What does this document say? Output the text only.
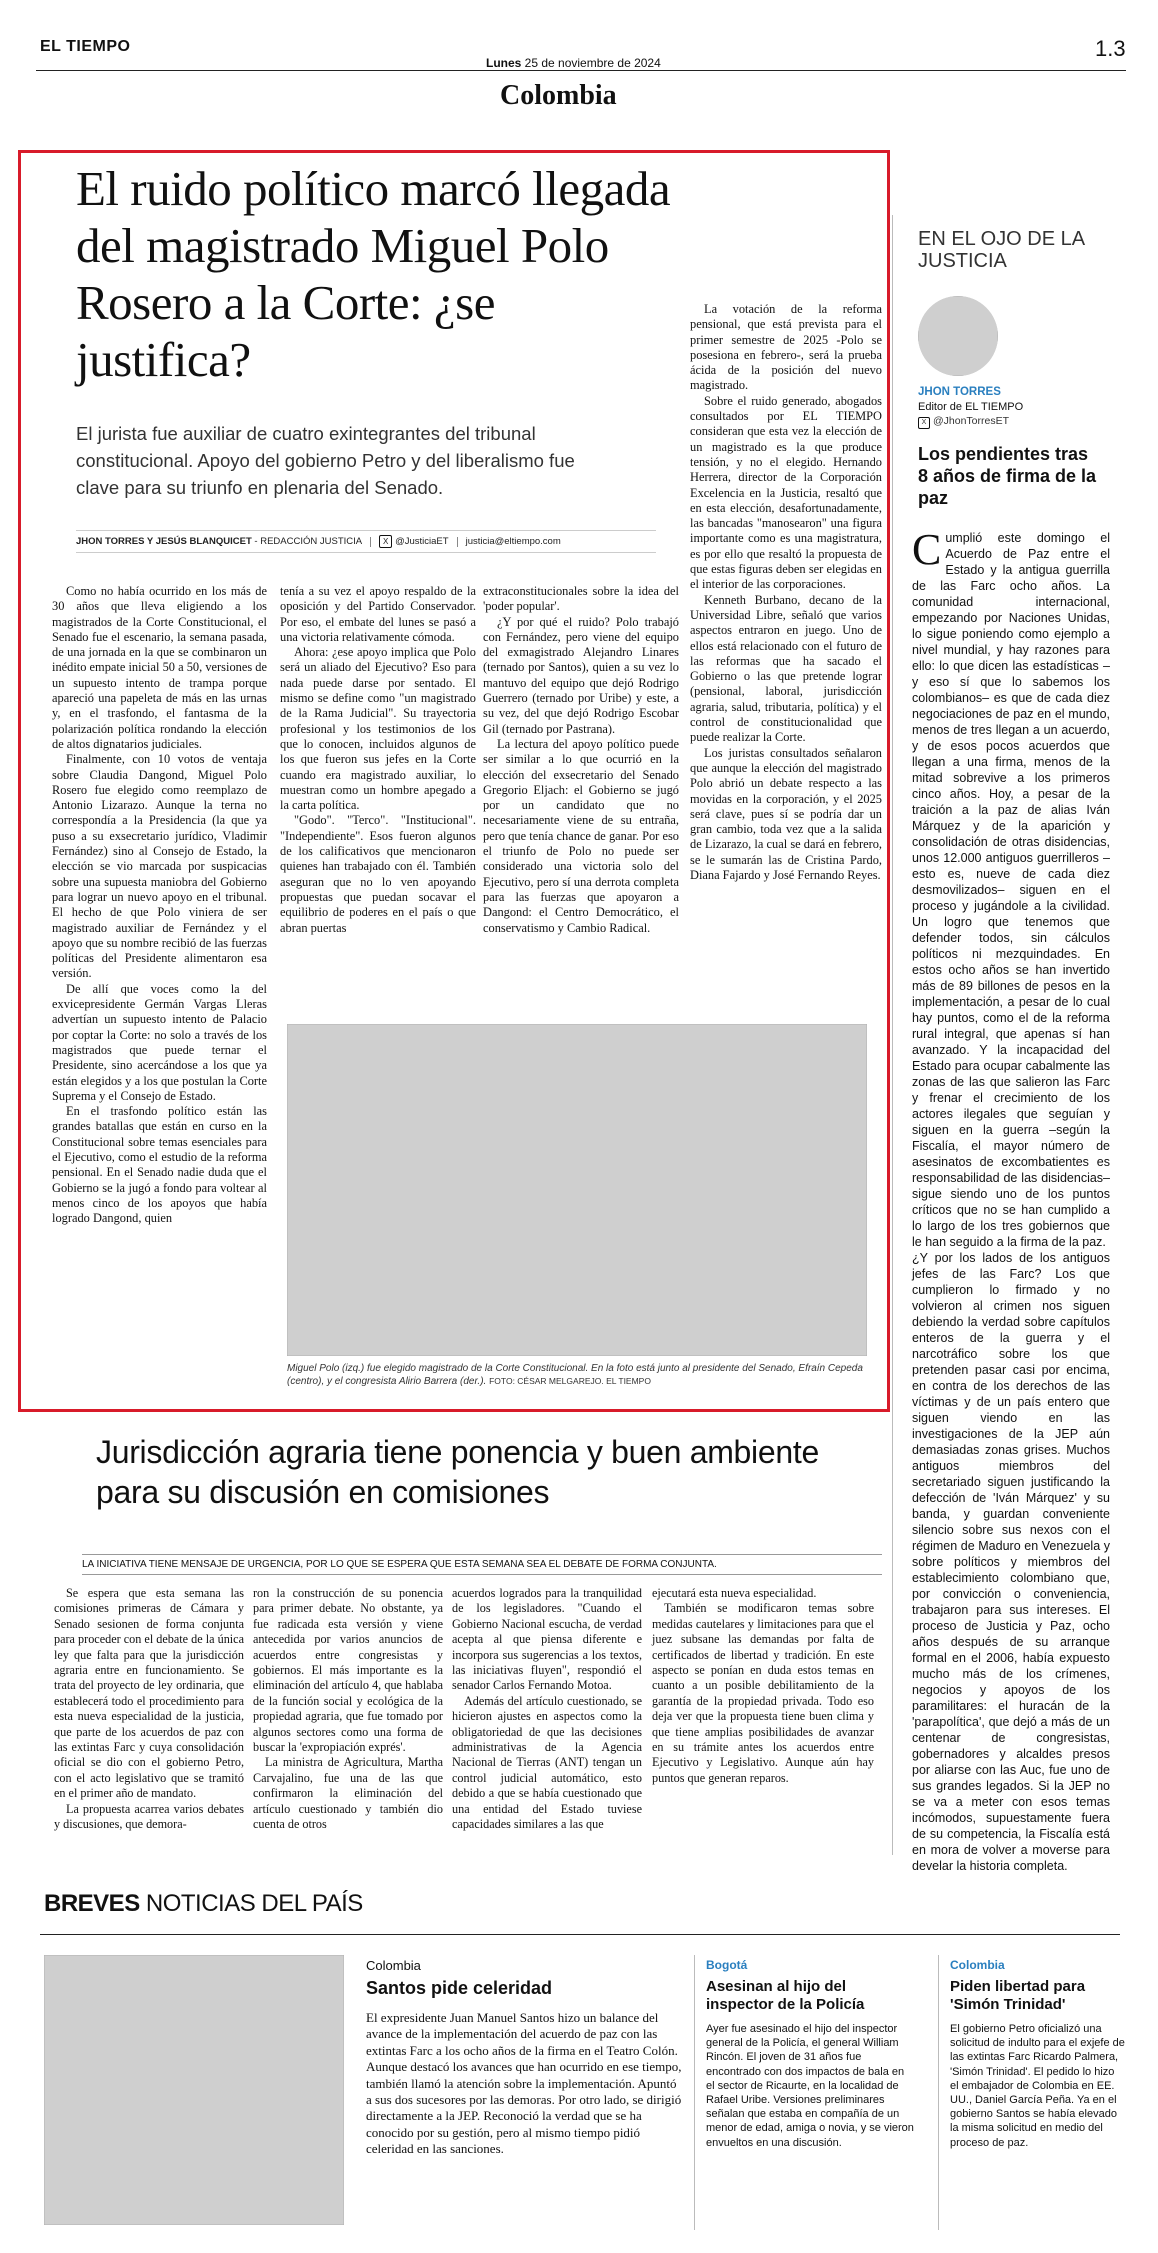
EL TIEMPO
Lunes 25 de noviembre de 2024
1.3
Colombia
El ruido político marcó llegada del magistrado Miguel Polo Rosero a la Corte: ¿se justifica?
El jurista fue auxiliar de cuatro exintegrantes del tribunal constitucional. Apoyo del gobierno Petro y del liberalismo fue clave para su triunfo en plenaria del Senado.
JHON TORRES Y JESÚS BLANQUICET - REDACCIÓN JUSTICIA	X @JusticiaET justicia@eltiempo.com

Como no había ocurrido en los más de 30 años que lleva eligiendo a los magistrados de la Corte Constitucional, el Senado fue el escenario, la semana pasada, de una jornada en la que se combinaron un inédito empate inicial 50 a 50, versiones de un supuesto intento de trampa porque apareció una papeleta de más en las urnas y, en el trasfondo, el fantasma de la polarización política rondando la elección de altos dignatarios judiciales.

Finalmente, con 10 votos de ventaja sobre Claudia Dangond, Miguel Polo Rosero fue elegido como reemplazo de Antonio Lizarazo. Aunque la terna no correspondía a la Presidencia (la que ya puso a su exsecretario jurídico, Vladimir Fernández) sino al Consejo de Estado, la elección se vio marcada por suspicacias sobre una supuesta maniobra del Gobierno para lograr un nuevo apoyo en el tribunal. El hecho de que Polo viniera de ser magistrado auxiliar de Fernández y el apoyo que su nombre recibió de las fuerzas políticas del Presidente alimentaron esa versión.

De allí que voces como la del exvicepresidente Germán Vargas Lleras advertían un supuesto intento de Palacio por coptar la Corte: no solo a través de los magistrados que puede ternar el Presidente, sino acercándose a los que ya están elegidos y a los que postulan la Corte Suprema y el Consejo de Estado.

En el trasfondo político están las grandes batallas que están en curso en la Constitucional sobre temas esenciales para el Ejecutivo, como el estudio de la reforma pensional. En el Senado nadie duda que el Gobierno se la jugó a fondo para voltear al menos cinco de los apoyos que había logrado Dangond, quien

tenía a su vez el apoyo respaldo de la oposición y del Partido Conservador. Por eso, el embate del lunes se pasó a una victoria relativamente cómoda.

Ahora: ¿ese apoyo implica que Polo será un aliado del Ejecutivo? Eso para nada puede darse por sentado. El mismo se define como "un magistrado de la Rama Judicial". Su trayectoria profesional y los testimonios de los que lo conocen, incluidos algunos de los que fueron sus jefes en la Corte cuando era magistrado auxiliar, lo muestran como un hombre apegado a la carta política.

"Godo". "Terco". "Institucional". "Independiente". Esos fueron algunos de los calificativos que mencionaron quienes han trabajado con él. También aseguran que no lo ven apoyando propuestas que puedan socavar el equilibrio de poderes en el país o que abran puertas

extraconstitucionales sobre la idea del 'poder popular'.

¿Y por qué el ruido? Polo trabajó con Fernández, pero viene del equipo del exmagistrado Alejandro Linares (ternado por Santos), quien a su vez lo mantuvo del equipo que dejó Rodrigo Guerrero (ternado por Uribe) y este, a su vez, del que dejó Rodrigo Escobar Gil (ternado por Pastrana).

La lectura del apoyo político puede ser similar a lo que ocurrió en la elección del exsecretario del Senado Gregorio Eljach: el Gobierno se jugó por un candidato que no necesariamente viene de su entraña, pero que tenía chance de ganar. Por eso el triunfo de Polo no puede ser considerado una victoria solo del Ejecutivo, pero sí una derrota completa para las fuerzas que apoyaron a Dangond: el Centro Democrático, el conservatismo y Cambio Radical.

La votación de la reforma pensional, que está prevista para el primer semestre de 2025 -Polo se posesiona en febrero-, será la prueba ácida de la posición del nuevo magistrado.

Sobre el ruido generado, abogados consultados por EL TIEMPO consideran que esta vez la elección de un magistrado es la que produce tensión, y no el elegido. Hernando Herrera, director de la Corporación Excelencia en la Justicia, resaltó que en esta elección, desafortunadamente, las bancadas "manosearon" una figura importante como es una magistratura, es por ello que resaltó la propuesta de que estas figuras deben ser elegidas en el interior de las corporaciones.

Kenneth Burbano, decano de la Universidad Libre, señaló que varios aspectos entraron en juego. Uno de ellos está relacionado con el futuro de las reformas que ha sacado el Gobierno o las que pretende lograr (pensional, laboral, jurisdicción agraria, salud, tributaria, política) y el control de constitucionalidad que puede realizar la Corte.

Los juristas consultados señalaron que aunque la elección del magistrado Polo abrió un debate respecto a las movidas en la corporación, y el 2025 será clave, pues sí se podría dar un gran cambio, toda vez que a la salida de Lizarazo, la cual se dará en febrero, se le sumarán las de Cristina Pardo, Diana Fajardo y José Fernando Reyes.

Miguel Polo (izq.) fue elegido magistrado de la Corte Constitucional. En la foto está junto al presidente del Senado, Efraín Cepeda (centro), y el congresista Alirio Barrera (der.). FOTO: CÉSAR MELGAREJO. EL TIEMPO
EN EL OJO DE LA JUSTICIA
JHON TORRES
Editor de EL TIEMPO
X @JhonTorresET
Los pendientes tras 8 años de firma de la paz

Cumplió este domingo el Acuerdo de Paz entre el Estado y la antigua guerrilla de las Farc ocho años. La comunidad internacional, empezando por Naciones Unidas, lo sigue poniendo como ejemplo a nivel mundial, y hay razones para ello: lo que dicen las estadísticas –y eso sí que lo sabemos los colombianos– es que de cada diez negociaciones de paz en el mundo, menos de tres llegan a un acuerdo, y de esos pocos acuerdos que llegan a una firma, menos de la mitad sobrevive a los primeros cinco años. Hoy, a pesar de la traición a la paz de alias Iván Márquez y de la aparición y consolidación de otras disidencias, unos 12.000 antiguos guerrilleros –esto es, nueve de cada diez desmovilizados– siguen en el proceso y jugándole a la civilidad. Un logro que tenemos que defender todos, sin cálculos políticos ni mezquindades. En estos ocho años se han invertido más de 89 billones de pesos en la implementación, a pesar de lo cual hay puntos, como el de la reforma rural integral, que apenas sí han avanzado. Y la incapacidad del Estado para ocupar cabalmente las zonas de las que salieron las Farc y frenar el crecimiento de los actores ilegales que seguían y siguen en la guerra –según la Fiscalía, el mayor número de asesinatos de excombatientes es responsabilidad de las disidencias– sigue siendo uno de los puntos críticos que no se han cumplido a lo largo de los tres gobiernos que le han seguido a la firma de la paz.

¿Y por los lados de los antiguos jefes de las Farc? Los que cumplieron lo firmado y no volvieron al crimen nos siguen debiendo la verdad sobre capítulos enteros de la guerra y el narcotráfico sobre los que pretenden pasar casi por encima, en contra de los derechos de las víctimas y de un país entero que siguen viendo en las investigaciones de la JEP aún demasiadas zonas grises. Muchos antiguos miembros del secretariado siguen justificando la defección de 'Iván Márquez' y su banda, y guardan conveniente silencio sobre sus nexos con el régimen de Maduro en Venezuela y sobre políticos y miembros del establecimiento colombiano que, por convicción o conveniencia, trabajaron para sus intereses. El proceso de Justicia y Paz, ocho años después de su arranque formal en el 2006, había expuesto mucho más de los crímenes, negocios y apoyos de los paramilitares: el huracán de la 'parapolítica', que dejó a más de un centenar de congresistas, gobernadores y alcaldes presos por aliarse con las Auc, fue uno de sus grandes legados. Si la JEP no se va a meter con esos temas incómodos, supuestamente fuera de su competencia, la Fiscalía está en mora de volver a moverse para develar la historia completa.

Jurisdicción agraria tiene ponencia y buen ambiente para su discusión en comisiones
LA INICIATIVA TIENE MENSAJE DE URGENCIA, POR LO QUE SE ESPERA QUE ESTA SEMANA SEA EL DEBATE DE FORMA CONJUNTA.

Se espera que esta semana las comisiones primeras de Cámara y Senado sesionen de forma conjunta para proceder con el debate de la única ley que falta para que la jurisdicción agraria entre en funcionamiento. Se trata del proyecto de ley ordinaria, que establecerá todo el procedimiento para esta nueva especialidad de la justicia, que parte de los acuerdos de paz con las extintas Farc y cuya consolidación oficial se dio con el gobierno Petro, con el acto legislativo que se tramitó en el primer año de mandato.

La propuesta acarrea varios debates y discusiones, que demora-

ron la construcción de su ponencia para primer debate. No obstante, ya fue radicada esta versión y viene antecedida por varios anuncios de acuerdos entre congresistas y gobiernos. El más importante es la eliminación del artículo 4, que hablaba de la función social y ecológica de la propiedad agraria, que fue tomado por algunos sectores como una forma de buscar la 'expropiación exprés'.

La ministra de Agricultura, Martha Carvajalino, fue una de las que confirmaron la eliminación del artículo cuestionado y también dio cuenta de otros

acuerdos logrados para la tranquilidad de los legisladores. "Cuando el Gobierno Nacional escucha, de verdad acepta al que piensa diferente e incorpora sus sugerencias a los textos, las iniciativas fluyen", respondió el senador Carlos Fernando Motoa.

Además del artículo cuestionado, se hicieron ajustes en aspectos como la obligatoriedad de que las decisiones administrativas de la Agencia Nacional de Tierras (ANT) tengan un control judicial automático, esto debido a que se había cuestionado que una entidad del Estado tuviese capacidades similares a las que

ejecutará esta nueva especialidad.

También se modificaron temas sobre medidas cautelares y limitaciones para que el juez subsane las demandas por falta de certificados de libertad y tradición. En este aspecto se ponían en duda estos temas en cuanto a un posible debilitamiento de la garantía de la propiedad privada. Todo eso deja ver que la propuesta tiene buen clima y que tiene amplias posibilidades de avanzar en su trámite antes los acuerdos entre Ejecutivo y Legislativo. Aunque aún hay puntos que generan reparos.

BREVES NOTICIAS DEL PAÍS
Colombia
Santos pide celeridad
El expresidente Juan Manuel Santos hizo un balance del avance de la implementación del acuerdo de paz con las extintas Farc a los ocho años de la firma en el Teatro Colón. Aunque destacó los avances que han ocurrido en ese tiempo, también llamó la atención sobre la implementación. Apuntó a sus dos sucesores por las demoras. Por otro lado, se dirigió directamente a la JEP. Reconoció la verdad que se ha conocido por su gestión, pero al mismo tiempo pidió celeridad en las sanciones.
Bogotá
Asesinan al hijo del inspector de la Policía
Ayer fue asesinado el hijo del inspector general de la Policía, el general William Rincón. El joven de 31 años fue encontrado con dos impactos de bala en el sector de Ricaurte, en la localidad de Rafael Uribe. Versiones preliminares señalan que estaba en compañía de un menor de edad, amiga o novia, y se vieron envueltos en una discusión.
Colombia
Piden libertad para 'Simón Trinidad'
El gobierno Petro oficializó una solicitud de indulto para el exjefe de las extintas Farc Ricardo Palmera, 'Simón Trinidad'. El pedido lo hizo el embajador de Colombia en EE. UU., Daniel García Peña. Ya en el gobierno Santos se había elevado la misma solicitud en medio del proceso de paz.
